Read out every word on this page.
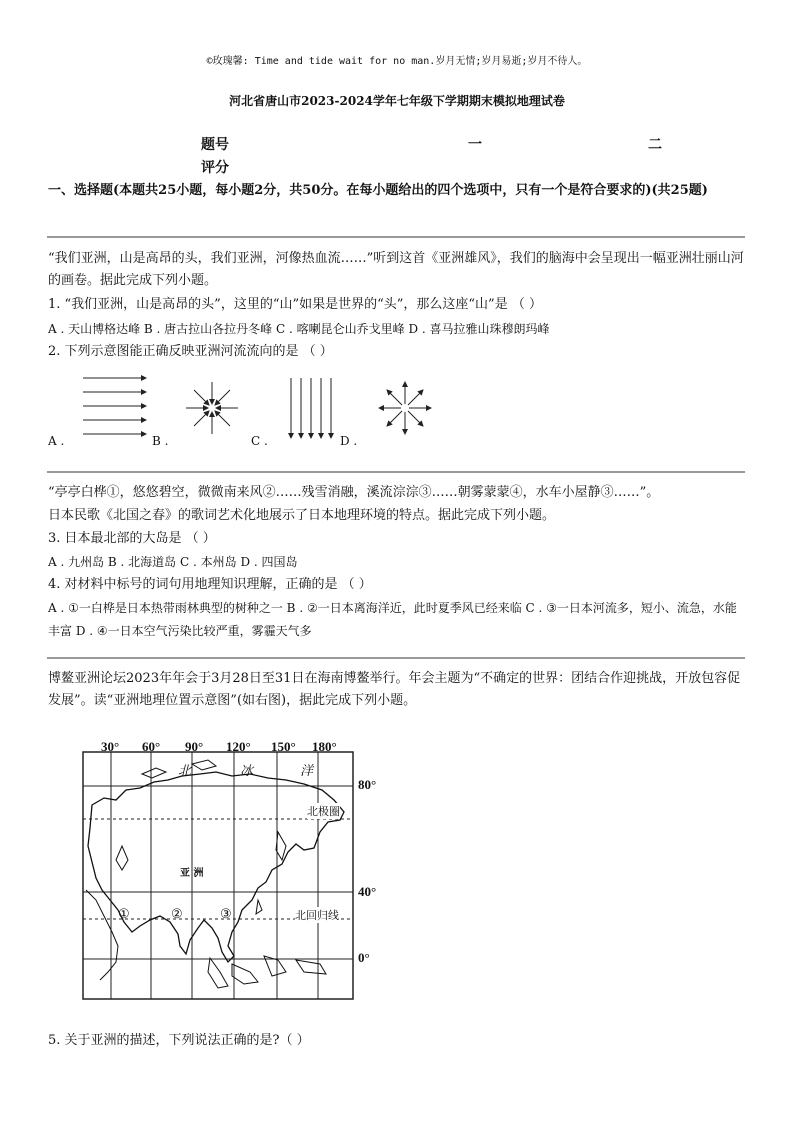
©玫瑰馨: Time and tide wait for no man.岁月无情;岁月易逝;岁月不待人。
河北省唐山市2023-2024学年七年级下学期期末模拟地理试卷
题号	一	二
评分
一、选择题(本题共25小题，每小题2分，共50分。在每小题给出的四个选项中，只有一个是符合要求的)(共25题)
“我们亚洲，山是高昂的头，我们亚洲，河像热血流……”听到这首《亚洲雄风》，我们的脑海中会呈现出一幅亚洲壮丽山河的画卷。据此完成下列小题。
1. “我们亚洲，山是高昂的头”，这里的“山”如果是世界的“头”，那么这座“山”是 （ ）
A . 天山博格达峰 B . 唐古拉山各拉丹冬峰 C . 喀喇昆仑山乔戈里峰 D . 喜马拉雅山珠穆朗玛峰
2. 下列示意图能正确反映亚洲河流流向的是 （ ）
A .	B .	C .	D .
“亭亭白桦①，悠悠碧空，微微南来风②……残雪消融，溪流淙淙③……朝雾蒙蒙④，水车小屋静③……”。
日本民歌《北国之春》的歌词艺术化地展示了日本地理环境的特点。据此完成下列小题。
3. 日本最北部的大岛是 （ ）
A . 九州岛 B . 北海道岛 C . 本州岛 D . 四国岛
4. 对材料中标号的词句用地理知识理解，正确的是 （ ）
A . ①一白桦是日本热带雨林典型的树种之一 B . ②一日本离海洋近，此时夏季风已经来临 C . ③一日本河流多，短小、流急，水能丰富 D . ④一日本空气污染比较严重，雾霾天气多
博鳌亚洲论坛2023年年会于3月28日至31日在海南博鳌举行。年会主题为“不确定的世界：团结合作迎挑战，开放包容促发展”。读“亚洲地理位置示意图”(如右图)，据此完成下列小题。
30° 60° 90° 120° 150° 180°
80°
40°
0°
北	冰	洋
北极圈
北回归线
亚 洲
①	②	③
5. 关于亚洲的描述，下列说法正确的是?（ ）
